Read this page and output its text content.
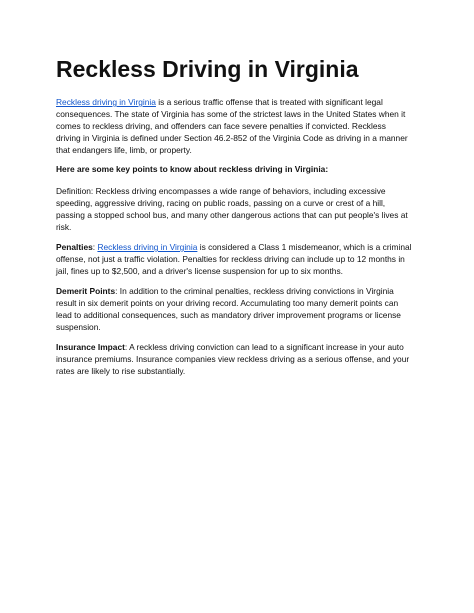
Reckless Driving in Virginia

Reckless driving in Virginia is a serious traffic offense that is treated with significant legal
consequences. The state of Virginia has some of the strictest laws in the United States when it
comes to reckless driving, and offenders can face severe penalties if convicted. Reckless
driving in Virginia is defined under Section 46.2-852 of the Virginia Code as driving in a manner
that endangers life, limb, or property.

Here are some key points to know about reckless driving in Virginia:

Definition: Reckless driving encompasses a wide range of behaviors, including excessive
speeding, aggressive driving, racing on public roads, passing on a curve or crest of a hill,
passing a stopped school bus, and many other dangerous actions that can put people's lives at
risk.

Penalties: Reckless driving in Virginia is considered a Class 1 misdemeanor, which is a criminal
offense, not just a traffic violation. Penalties for reckless driving can include up to 12 months in
jail, fines up to $2,500, and a driver's license suspension for up to six months.

Demerit Points: In addition to the criminal penalties, reckless driving convictions in Virginia
result in six demerit points on your driving record. Accumulating too many demerit points can
lead to additional consequences, such as mandatory driver improvement programs or license
suspension.

Insurance Impact: A reckless driving conviction can lead to a significant increase in your auto
insurance premiums. Insurance companies view reckless driving as a serious offense, and your
rates are likely to rise substantially.
